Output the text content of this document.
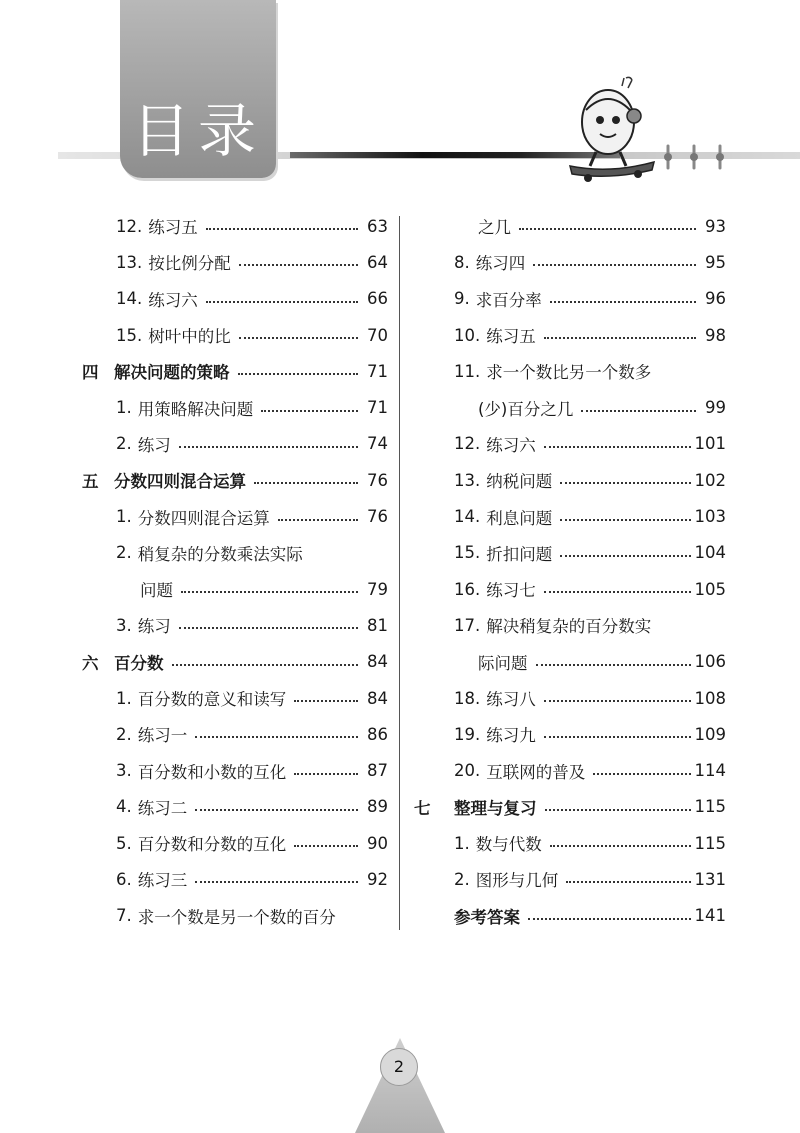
目录
12. 练习五	63
13. 按比例分配	64
14. 练习六	66
15. 树叶中的比	70
四 解决问题的策略	71
1. 用策略解决问题	71
2. 练习	74
五 分数四则混合运算	76
1. 分数四则混合运算	76
2. 稍复杂的分数乘法实际
问题	79
3. 练习	81
六 百分数	84
1. 百分数的意义和读写	84
2. 练习一	86
3. 百分数和小数的互化	87
4. 练习二	89
5. 百分数和分数的互化	90
6. 练习三	92
7. 求一个数是另一个数的百分
之几	93
8. 练习四	95
9. 求百分率	96
10. 练习五	98
11. 求一个数比另一个数多
(少)百分之几	99
12. 练习六	101
13. 纳税问题	102
14. 利息问题	103
15. 折扣问题	104
16. 练习七	105
17. 解决稍复杂的百分数实
际问题	106
18. 练习八	108
19. 练习九	109
20. 互联网的普及	114
七	整理与复习	115
1. 数与代数	115
2. 图形与几何	131
参考答案	141
2
